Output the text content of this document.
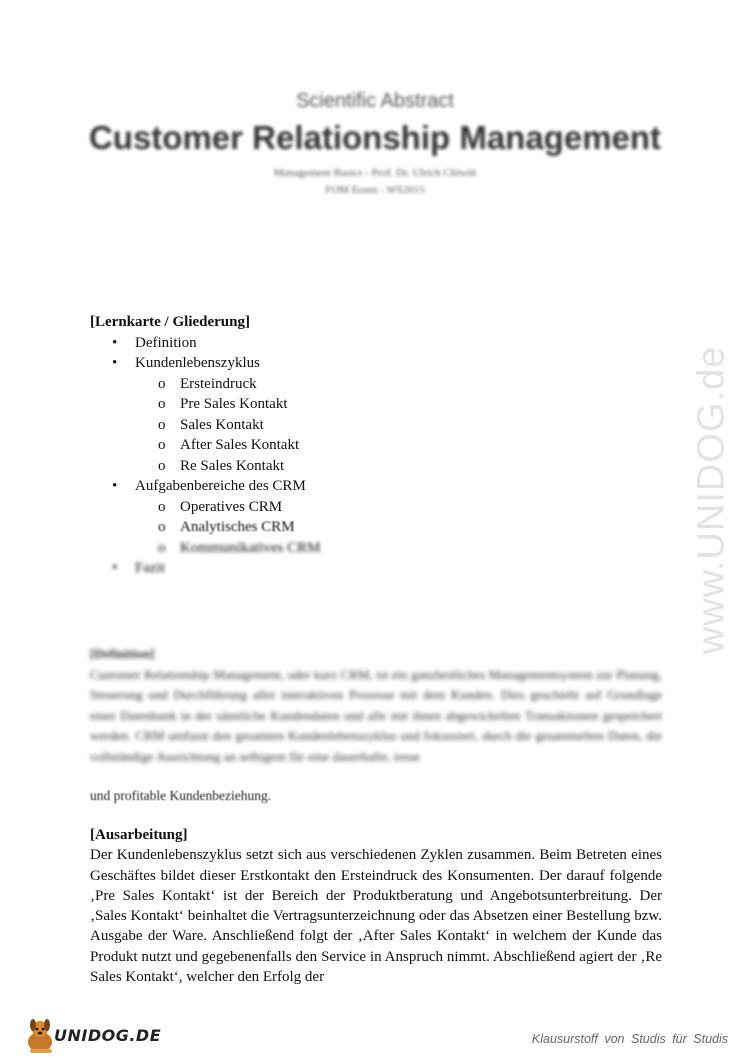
www.UNIDOG.de
Scientific Abstract
Customer Relationship Management
Management Basics - Prof. Dr. Ulrich Chiwitt
FOM Essen - WS2015
[Lernkarte / Gliederung]
• Definition
• Kundenlebenszyklus
o Ersteindruck
o Pre Sales Kontakt
o Sales Kontakt
o After Sales Kontakt
o Re Sales Kontakt
• Aufgabenbereiche des CRM
o Operatives CRM
o Analytisches CRM
o Kommunikatives CRM
• Fazit
[Definition]
Customer Relationship Management, oder kurz CRM, ist ein ganzheitliches Managementsystem zur Planung, Steuerung und Durchführung aller interaktiven Prozesse mit dem Kunden. Dies geschieht auf Grundlage einer Datenbank in der sämtliche Kundendaten und alle mit ihnen abgewickelten Transaktionen gespeichert werden. CRM umfasst den gesamten Kundenlebenszyklus und fokussiert, durch die gesammelten Daten, die vollständige Ausrichtung an selbigem für eine dauerhafte, treue
und profitable Kundenbeziehung.
[Ausarbeitung]
Der Kundenlebenszyklus setzt sich aus verschiedenen Zyklen zusammen. Beim Betreten eines Geschäftes bildet dieser Erstkontakt den Ersteindruck des Konsumenten. Der darauf folgende ‚Pre Sales Kontakt‘ ist der Bereich der Produktberatung und Angebotsunterbreitung. Der ‚Sales Kontakt‘ beinhaltet die Vertragsunterzeichnung oder das Absetzen einer Bestellung bzw. Ausgabe der Ware. Anschließend folgt der ‚After Sales Kontakt‘ in welchem der Kunde das Produkt nutzt und gegebenenfalls den Service in Anspruch nimmt. Abschließend agiert der ‚Re Sales Kontakt‘, welcher den Erfolg der
UNIDOG.DE	Klausurstoff von Studis für Studis
